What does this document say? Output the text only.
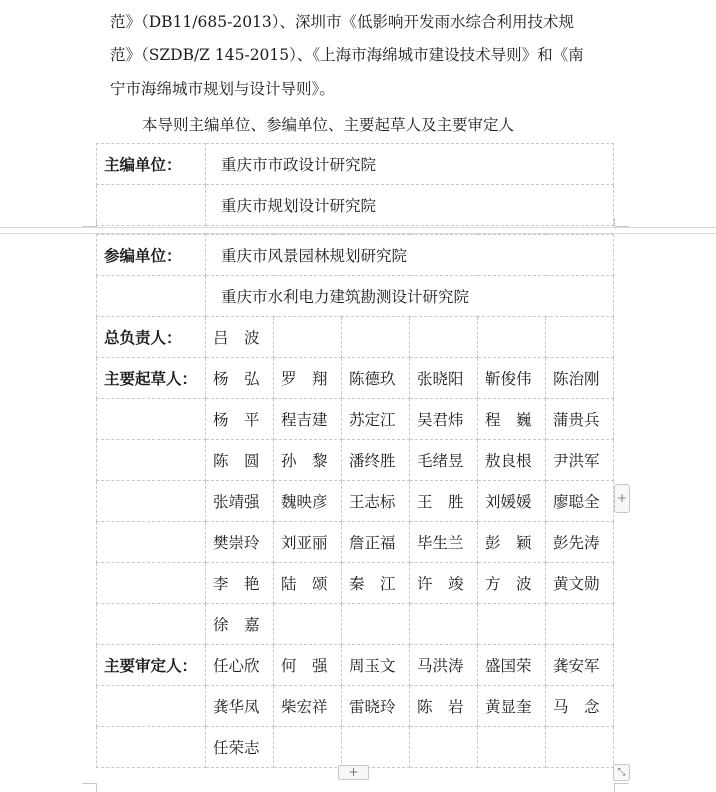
范》（DB11/685-2013）、深圳市《低影响开发雨水综合利用技术规
范》（SZDB/Z 145-2015）、《上海市海绵城市建设技术导则》和《南
宁市海绵城市规划与设计导则》。
本导则主编单位、参编单位、主要起草人及主要审定人
主编单位：	重庆市市政设计研究院
	重庆市规划设计研究院
参编单位：	重庆市风景园林规划研究院					
	重庆市水利电力建筑勘测设计研究院					
总负责人：	吕　波					
主要起草人：	杨　弘	罗　翔	陈德玖	张晓阳	靳俊伟	陈治刚
	杨　平	程吉建	苏定江	吴君炜	程　巍	蒲贵兵
	陈　圆	孙　黎	潘终胜	毛绪昱	敖良根	尹洪军
	张靖强	魏映彦	王志标	王　胜	刘媛媛	廖聪全
	樊崇玲	刘亚丽	詹正福	毕生兰	彭　颖	彭先涛
	李　艳	陆　颂	秦　江	许　竣	方　波	黄文勋
	徐　嘉					
主要审定人：	任心欣	何　强	周玉文	马洪涛	盛国荣	龚安军
	龚华凤	柴宏祥	雷晓玲	陈　岩	黄显奎	马　念
	任荣志					
+
+	⤡
